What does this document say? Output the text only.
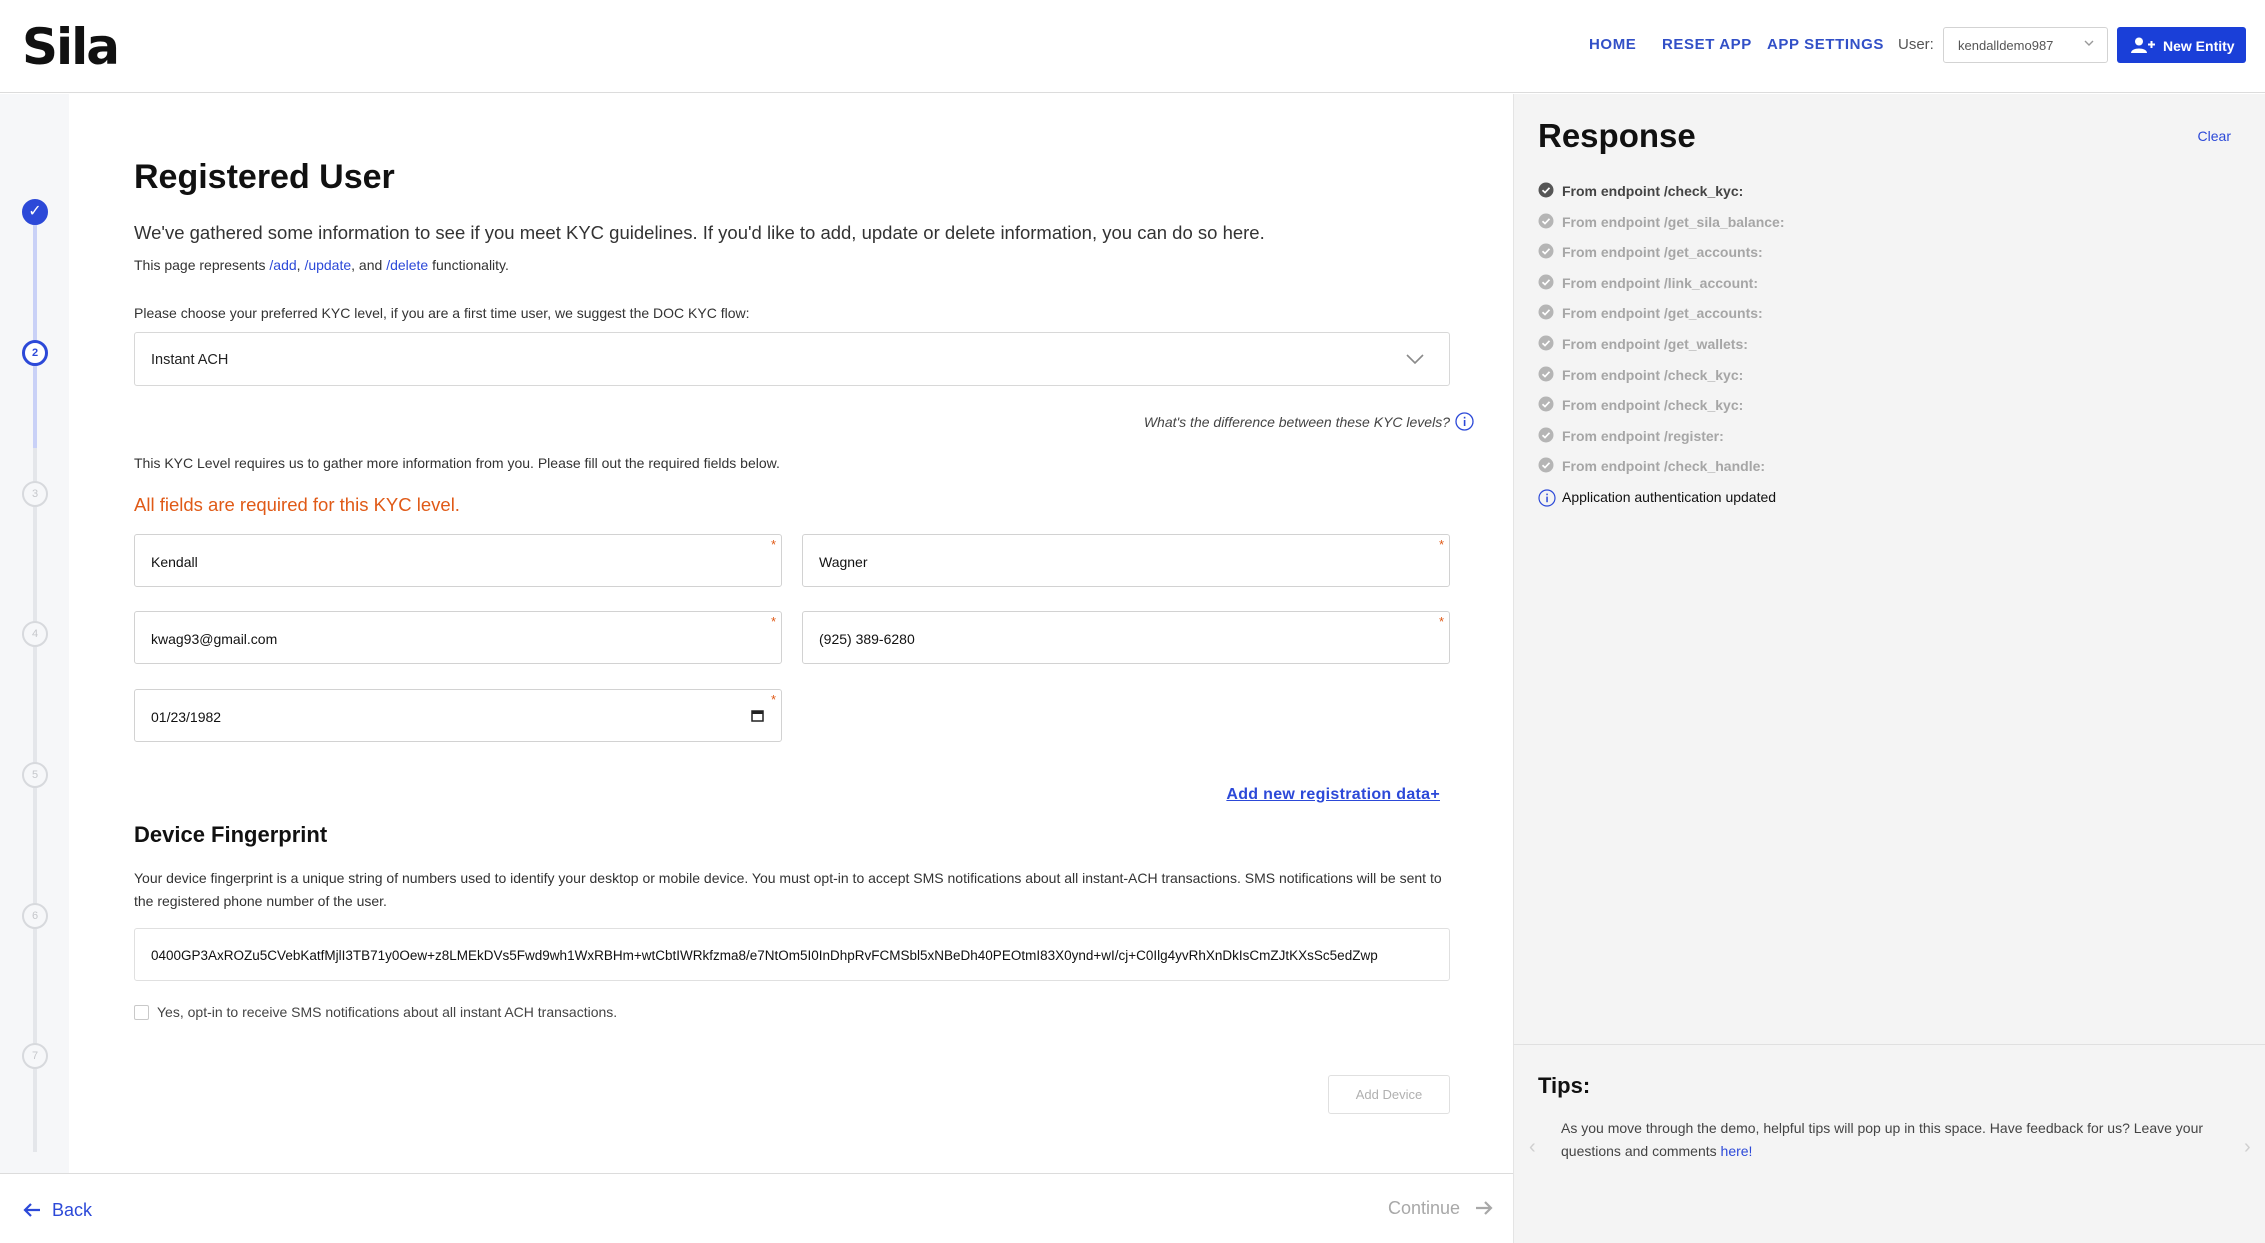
Sila	HOME RESET APP APP SETTINGS User:	kendalldemo987	New Entity
✓
2
3
4
5
6
7
Registered User
We've gathered some information to see if you meet KYC guidelines. If you'd like to add, update or delete information, you can do so here.
This page represents /add, /update, and /delete functionality.
Please choose your preferred KYC level, if you are a first time user, we suggest the DOC KYC flow:
Instant ACH
What's the difference between these KYC levels?
This KYC Level requires us to gather more information from you. Please fill out the required fields below.
All fields are required for this KYC level.
Kendall
*
Wagner
*
kwag93@gmail.com
*
(925) 389-6280
*
01/23/1982
*
Add new registration data+
Device Fingerprint
Your device fingerprint is a unique string of numbers used to identify your desktop or mobile device. You must opt-in to accept SMS notifications about all instant-ACH transactions. SMS notifications will be sent to the registered phone number of the user.
0400GP3AxROZu5CVebKatfMjlI3TB71y0Oew+z8LMEkDVs5Fwd9wh1WxRBHm+wtCbtIWRkfzma8/e7NtOm5I0InDhpRvFCMSbl5xNBeDh40PEOtmI83X0ynd+wI/cj+C0Ilg4yvRhXnDkIsCmZJtKXsSc5edZwp
Yes, opt-in to receive SMS notifications about all instant ACH transactions.
Add Device
Back	Continue
Response	Clear
From endpoint /check_kyc:
From endpoint /get_sila_balance:
From endpoint /get_accounts:
From endpoint /link_account:
From endpoint /get_accounts:
From endpoint /get_wallets:
From endpoint /check_kyc:
From endpoint /check_kyc:
From endpoint /register:
From endpoint /check_handle:
Application authentication updated
Tips:
‹
As you move through the demo, helpful tips will pop up in this space. Have feedback for us? Leave your questions and comments here!	›
